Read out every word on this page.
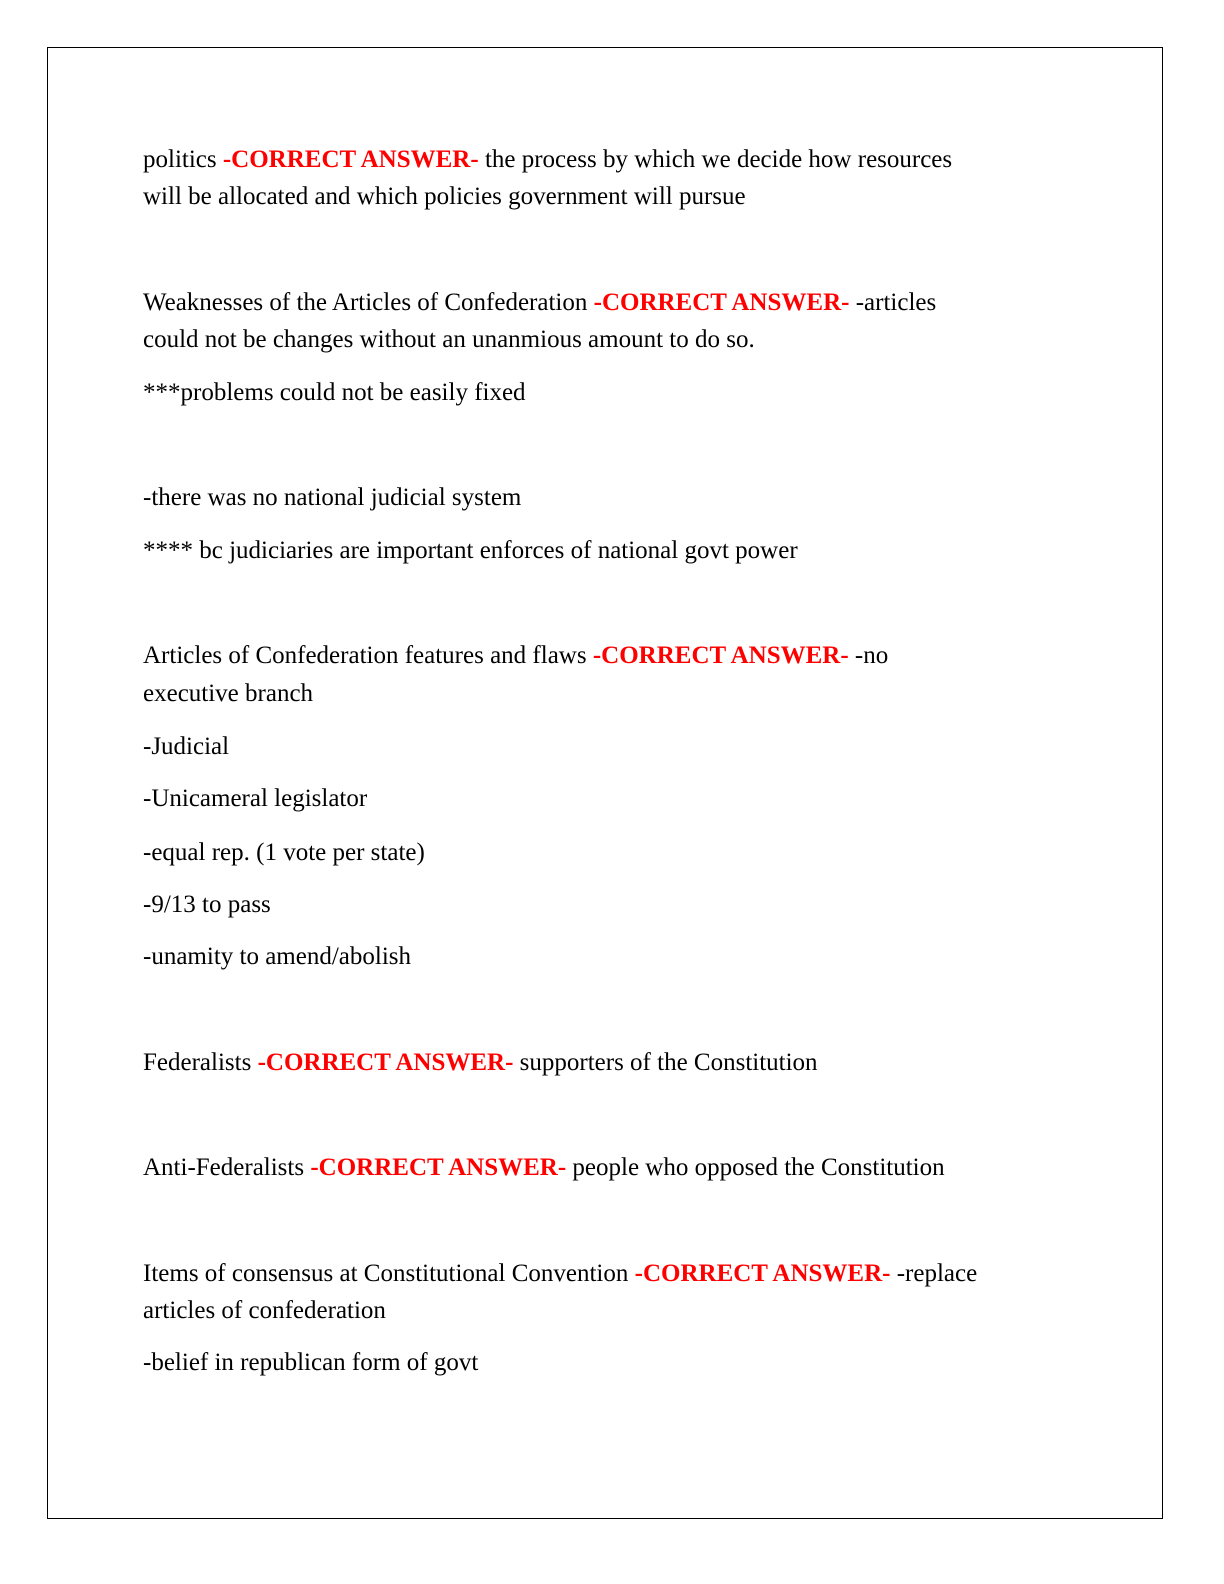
politics -CORRECT ANSWER- the process by which we decide how resources

will be allocated and which policies government will pursue

Weaknesses of the Articles of Confederation -CORRECT ANSWER- -articles

could not be changes without an unanmious amount to do so.

***problems could not be easily fixed

-there was no national judicial system

**** bc judiciaries are important enforces of national govt power

Articles of Confederation features and flaws -CORRECT ANSWER- -no

executive branch

-Judicial

-Unicameral legislator

-equal rep. (1 vote per state)

-9/13 to pass

-unamity to amend/abolish

Federalists -CORRECT ANSWER- supporters of the Constitution

Anti-Federalists -CORRECT ANSWER- people who opposed the Constitution

Items of consensus at Constitutional Convention -CORRECT ANSWER- -replace

articles of confederation

-belief in republican form of govt
